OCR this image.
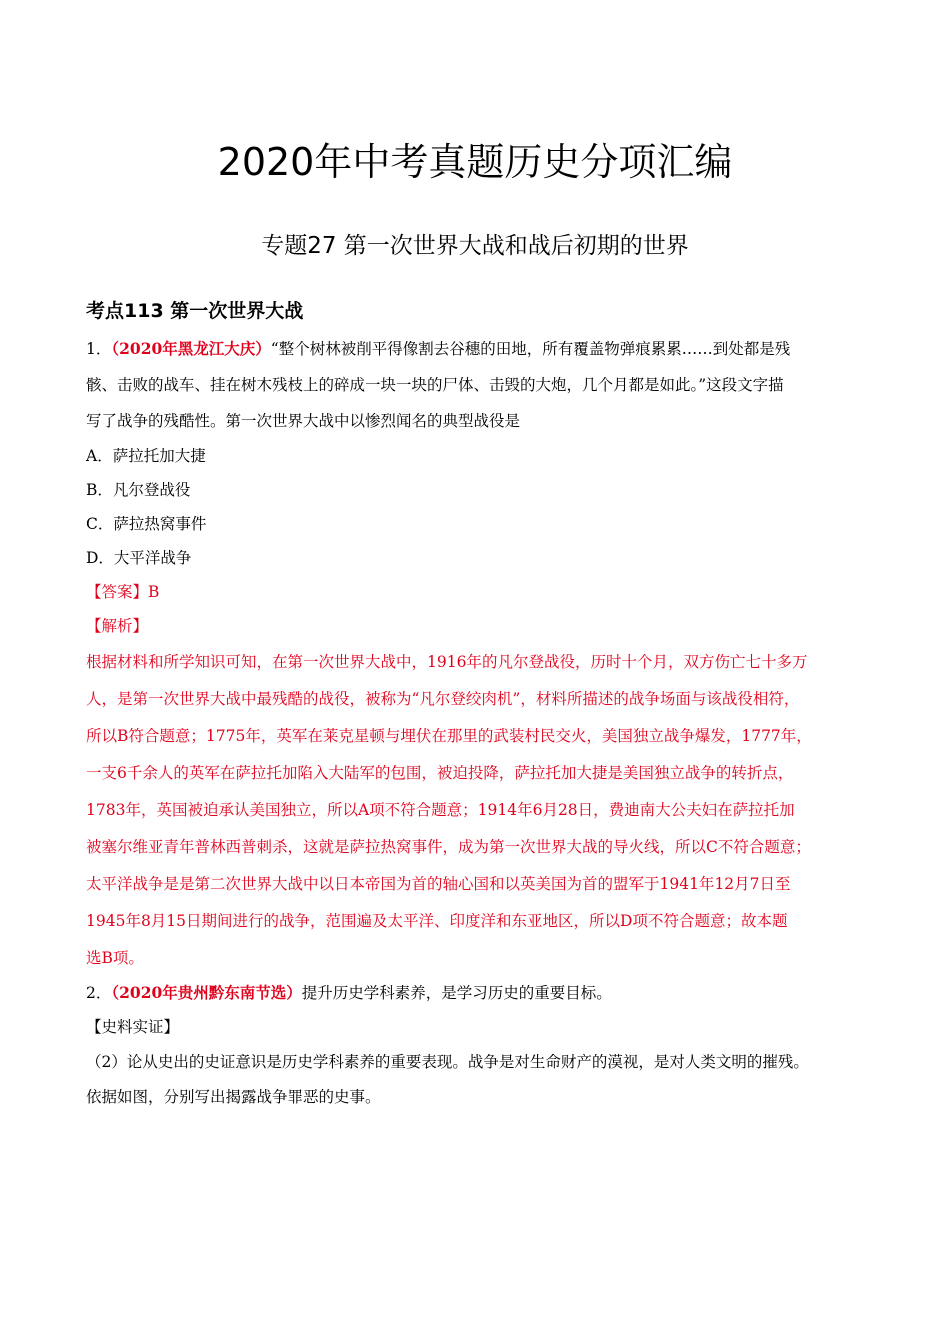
2020年中考真题历史分项汇编
专题27 第一次世界大战和战后初期的世界
考点113 第一次世界大战
1．（2020年黑龙江大庆）“整个树林被削平得像割去谷穗的田地，所有覆盖物弹痕累累……到处都是残
骸、击败的战车、挂在树木残枝上的碎成一块一块的尸体、击毁的大炮，几个月都是如此。”这段文字描
写了战争的残酷性。第一次世界大战中以惨烈闻名的典型战役是
A．萨拉托加大捷
B．凡尔登战役
C．萨拉热窝事件
D．大平洋战争
【答案】B
【解析】
根据材料和所学知识可知，在第一次世界大战中，1916年的凡尔登战役，历时十个月，双方伤亡七十多万
人，是第一次世界大战中最残酷的战役，被称为“凡尔登绞肉机”，材料所描述的战争场面与该战役相符，
所以B符合题意；1775年，英军在莱克星顿与埋伏在那里的武装村民交火，美国独立战争爆发，1777年，
一支6千余人的英军在萨拉托加陷入大陆军的包围，被迫投降，萨拉托加大捷是美国独立战争的转折点，
1783年，英国被迫承认美国独立，所以A项不符合题意；1914年6月28日，费迪南大公夫妇在萨拉托加
被塞尔维亚青年普林西普刺杀，这就是萨拉热窝事件，成为第一次世界大战的导火线，所以C不符合题意；
太平洋战争是是第二次世界大战中以日本帝国为首的轴心国和以英美国为首的盟军于1941年12月7日至
1945年8月15日期间进行的战争，范围遍及太平洋、印度洋和东亚地区，所以D项不符合题意；故本题
选B项。
2．（2020年贵州黔东南节选）提升历史学科素养，是学习历史的重要目标。
【史料实证】
（2）论从史出的史证意识是历史学科素养的重要表现。战争是对生命财产的漠视，是对人类文明的摧残。
依据如图，分别写出揭露战争罪恶的史事。
